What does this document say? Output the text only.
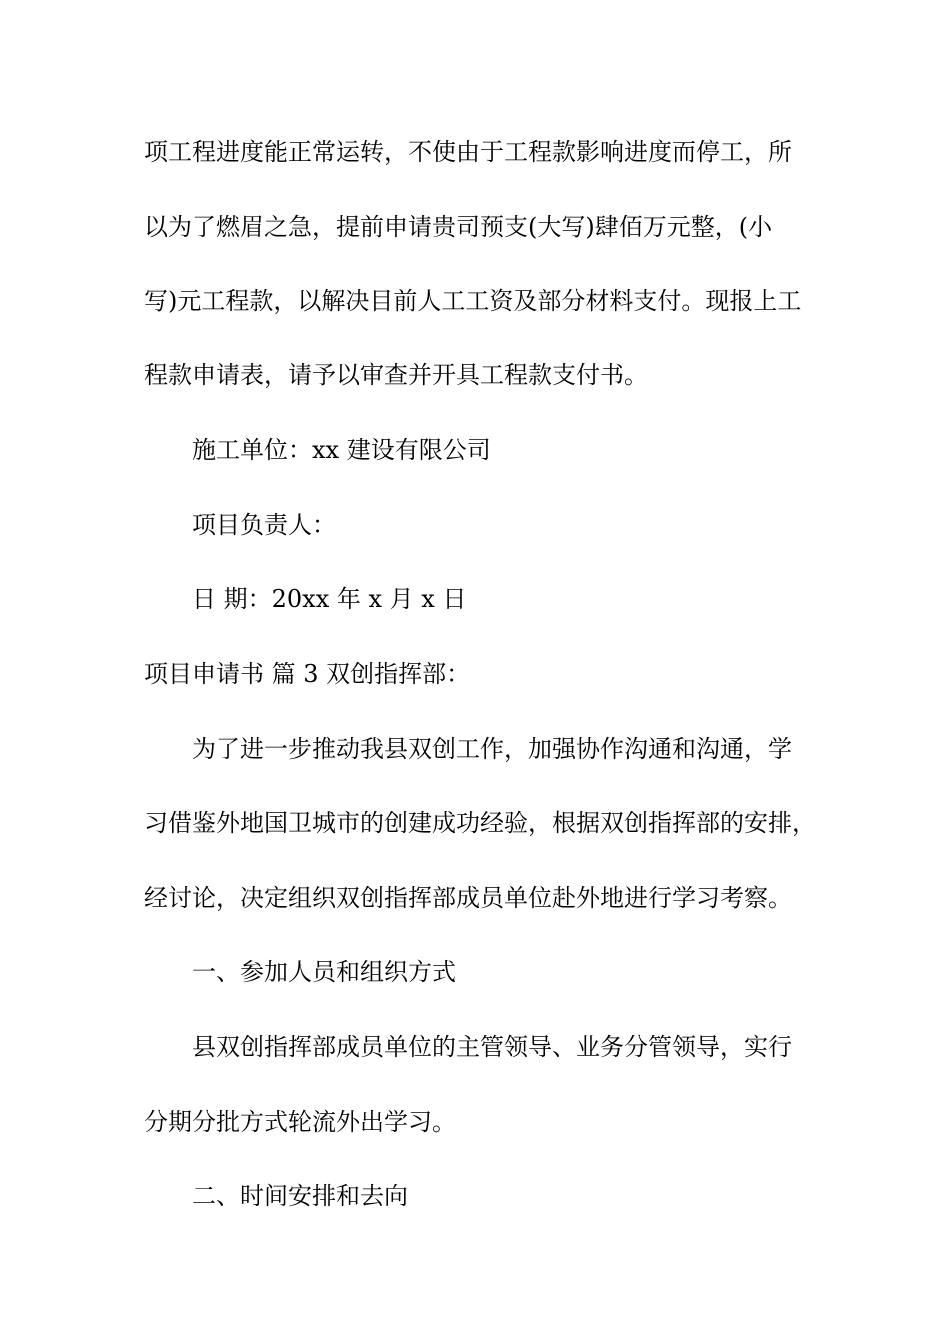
项工程进度能正常运转，不使由于工程款影响进度而停工，所
以为了燃眉之急，提前申请贵司预支(大写)肆佰万元整，(小
写)元工程款，以解决目前人工工资及部分材料支付。现报上工
程款申请表，请予以审查并开具工程款支付书。
施工单位：xx 建设有限公司
项目负责人：
日 期：20xx 年 x 月 x 日
项目申请书 篇 3 双创指挥部：
为了进一步推动我县双创工作，加强协作沟通和沟通，学
习借鉴外地国卫城市的创建成功经验，根据双创指挥部的安排，
经讨论，决定组织双创指挥部成员单位赴外地进行学习考察。
一、参加人员和组织方式
县双创指挥部成员单位的主管领导、业务分管领导，实行
分期分批方式轮流外出学习。
二、时间安排和去向
